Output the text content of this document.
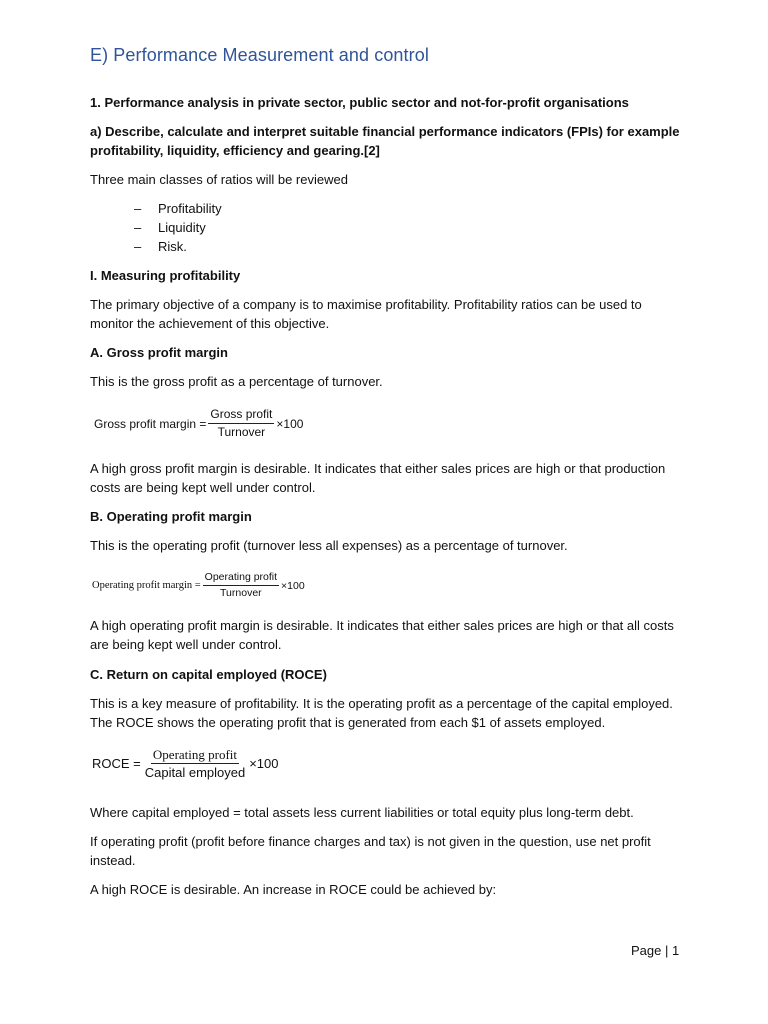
E) Performance Measurement and control

1. Performance analysis in private sector, public sector and not-for-profit organisations

a) Describe, calculate and interpret suitable financial performance indicators (FPIs) for example profitability, liquidity, efficiency and gearing.[2]

Three main classes of ratios will be reviewed

– Profitability
– Liquidity
– Risk.

I. Measuring profitability

The primary objective of a company is to maximise profitability. Profitability ratios can be used to monitor the achievement of this objective.

A. Gross profit margin

This is the gross profit as a percentage of turnover.

Gross profit margin = $\frac{\text{Gross profit}}{\text{Turnover}} \times 100$

A high gross profit margin is desirable. It indicates that either sales prices are high or that production costs are being kept well under control.

B. Operating profit margin

This is the operating profit (turnover less all expenses) as a percentage of turnover.

Operating profit margin = $\frac{\text{Operating profit}}{\text{Turnover}} \times 100$

A high operating profit margin is desirable. It indicates that either sales prices are high or that all costs are being kept well under control.

C. Return on capital employed (ROCE)

This is a key measure of profitability. It is the operating profit as a percentage of the capital employed. The ROCE shows the operating profit that is generated from each $1 of assets employed.

ROCE = $\frac{\text{Operating profit}}{\text{Capital employed}} \times 100$

Where capital employed = total assets less current liabilities or total equity plus long-term debt.

If operating profit (profit before finance charges and tax) is not given in the question, use net profit instead.

A high ROCE is desirable. An increase in ROCE could be achieved by:

Page | 1
